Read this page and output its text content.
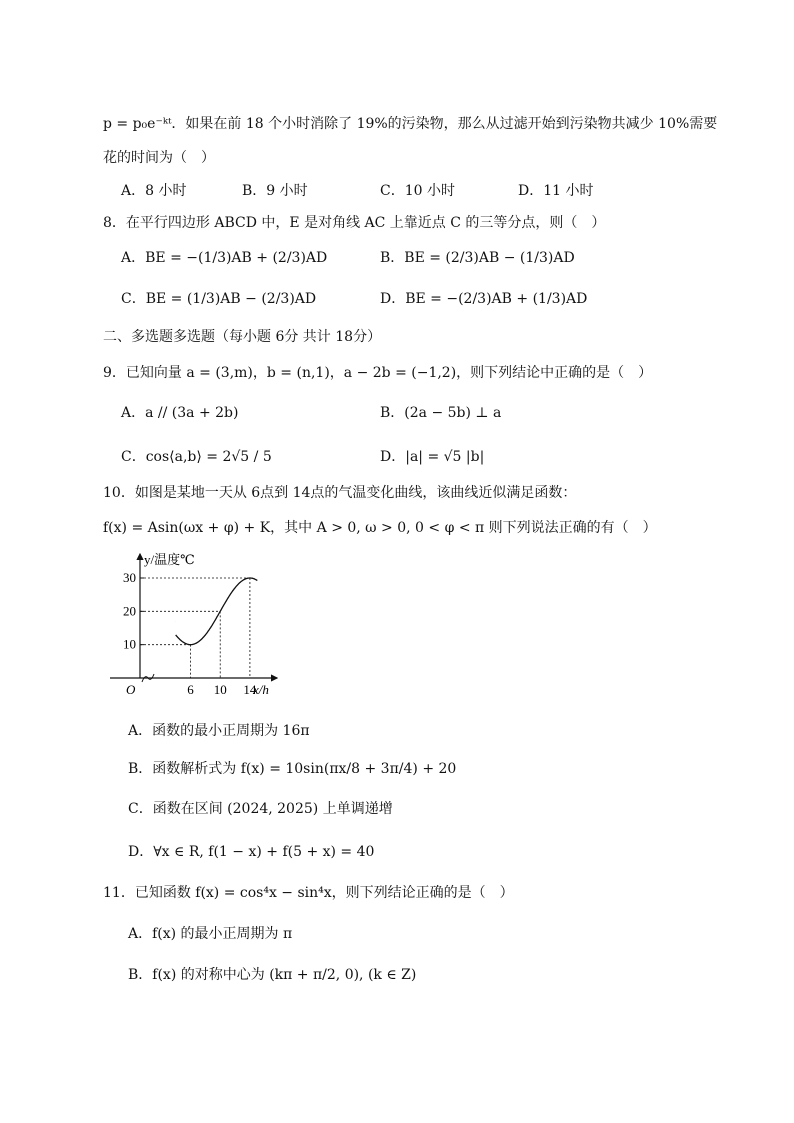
p = p₀e⁻ᵏᵗ．如果在前 18 个小时消除了 19%的污染物，那么从过滤开始到污染物共减少 10%需要
花的时间为（　）
A．8 小时	B．9 小时	C．10 小时	D．11 小时
8．在平行四边形 ABCD 中，E 是对角线 AC 上靠近点 C 的三等分点，则（　）
A．BE = −(1/3)AB + (2/3)AD	B．BE = (2/3)AB − (1/3)AD
C．BE = (1/3)AB − (2/3)AD	D．BE = −(2/3)AB + (1/3)AD
二、多选题多选题（每小题 6分 共计 18分）
9．已知向量 a = (3,m)，b = (n,1)，a − 2b = (−1,2)，则下列结论中正确的是（　）
A．a // (3a + 2b)	B．(2a − 5b) ⊥ a
C．cos⟨a,b⟩ = 2√5 / 5	D．|a| = √5 |b|
10．如图是某地一天从 6点到 14点的气温变化曲线，该曲线近似满足函数：
f(x) = Asin(ωx + φ) + K，其中 A > 0, ω > 0, 0 < φ < π 则下列说法正确的有（　）
10
20
30
6 10 14
y/温度℃
x/h
O
A．函数的最小正周期为 16π
B．函数解析式为 f(x) = 10sin(πx/8 + 3π/4) + 20
C．函数在区间 (2024, 2025) 上单调递增
D．∀x ∈ R, f(1 − x) + f(5 + x) = 40
11．已知函数 f(x) = cos⁴x − sin⁴x，则下列结论正确的是（　）
A．f(x) 的最小正周期为 π
B．f(x) 的对称中心为 (kπ + π/2, 0), (k ∈ Z)
